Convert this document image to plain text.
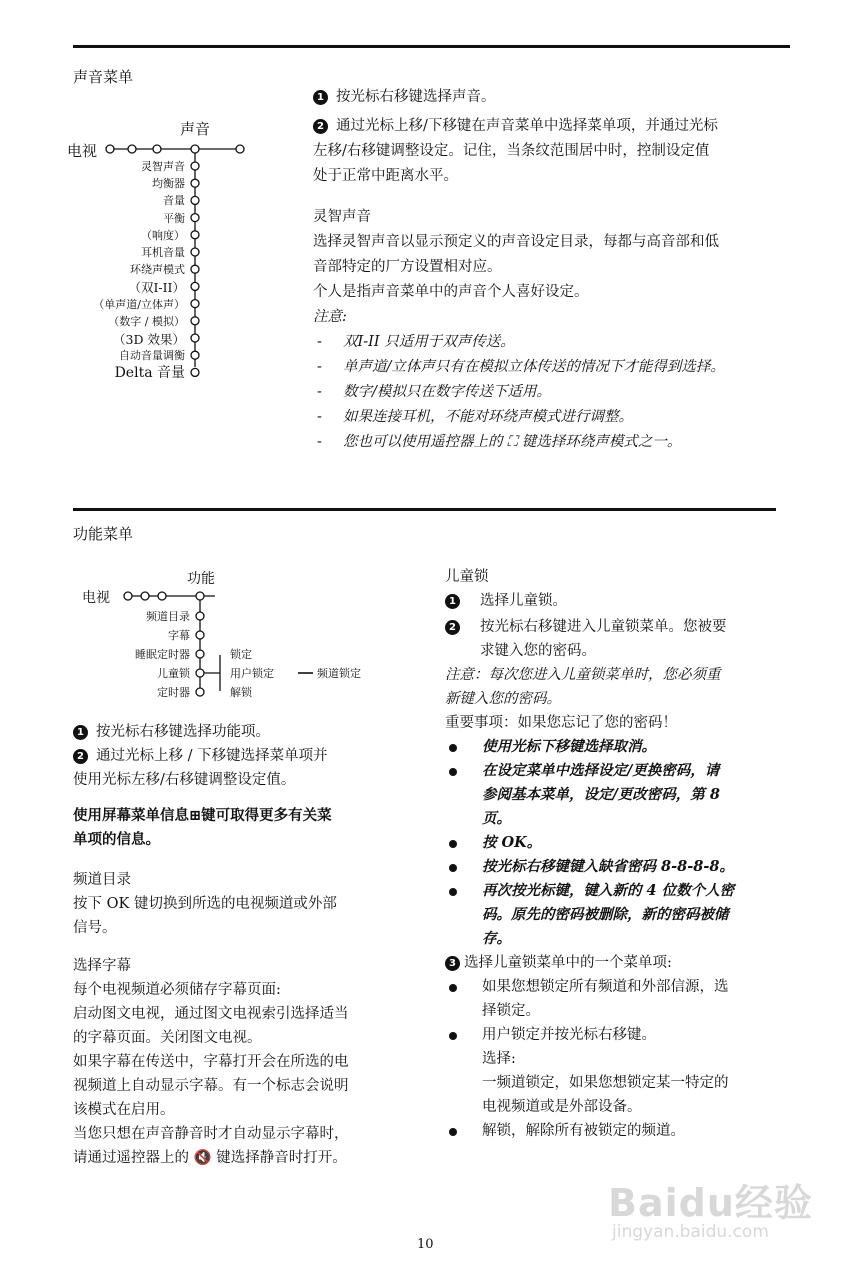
声音菜单
声音
电视
灵智声音
均衡器
音量
平衡
（响度）
耳机音量
环绕声模式
（双I-II）
（单声道/立体声）
（数字 / 模拟）
（3D 效果）
自动音量调衡
Delta 音量
1 按光标右移键选择声音。
2 通过光标上移/下移键在声音菜单中选择菜单项，并通过光标
左移/右移键调整设定。记住，当条纹范围居中时，控制设定值
处于正常中距离水平。
灵智声音
选择灵智声音以显示预定义的声音设定目录，每都与高音部和低
音部特定的厂方设置相对应。
个人是指声音菜单中的声音个人喜好设定。
注意:
- 双I-II 只适用于双声传送。
- 单声道/立体声只有在模拟立体传送的情况下才能得到选择。
- 数字/模拟只在数字传送下适用。
- 如果连接耳机，不能对环绕声模式进行调整。
- 您也可以使用遥控器上的 ⛶ 键选择环绕声模式之一。
功能菜单
功能
电视
频道目录
字幕
睡眠定时器
儿童锁
定时器
锁定
用户锁定
解锁
频道锁定
1 按光标右移键选择功能项。
2 通过光标上移 / 下移键选择菜单项并
使用光标左移/右移键调整设定值。
使用屏幕菜单信息⊞键可取得更多有关菜
单项的信息。
频道目录
按下 OK 键切换到所选的电视频道或外部
信号。
选择字幕
每个电视频道必须储存字幕页面:
启动图文电视，通过图文电视索引选择适当
的字幕页面。关闭图文电视。
如果字幕在传送中，字幕打开会在所选的电
视频道上自动显示字幕。有一个标志会说明
该模式在启用。
当您只想在声音静音时才自动显示字幕时，
请通过遥控器上的 🔇 键选择静音时打开。
儿童锁
1 选择儿童锁。
2 按光标右移键进入儿童锁菜单。您被要
求键入您的密码。
注意：每次您进入儿童锁菜单时，您必须重
新键入您的密码。
重要事项：如果您忘记了您的密码！
使用光标下移键选择取消。
在设定菜单中选择设定/更换密码，请
参阅基本菜单，设定/更改密码，第 8
页。
按 OK。
按光标右移键键入缺省密码 8-8-8-8。
再次按光标键，键入新的 4 位数个人密
码。原先的密码被删除，新的密码被储
存。
3 选择儿童锁菜单中的一个菜单项:
如果您想锁定所有频道和外部信源，选
择锁定。
用户锁定并按光标右移键。
选择:
一频道锁定，如果您想锁定某一特定的
电视频道或是外部设备。
解锁，解除所有被锁定的频道。
10
Baidu经验
jingyan.baidu.com
